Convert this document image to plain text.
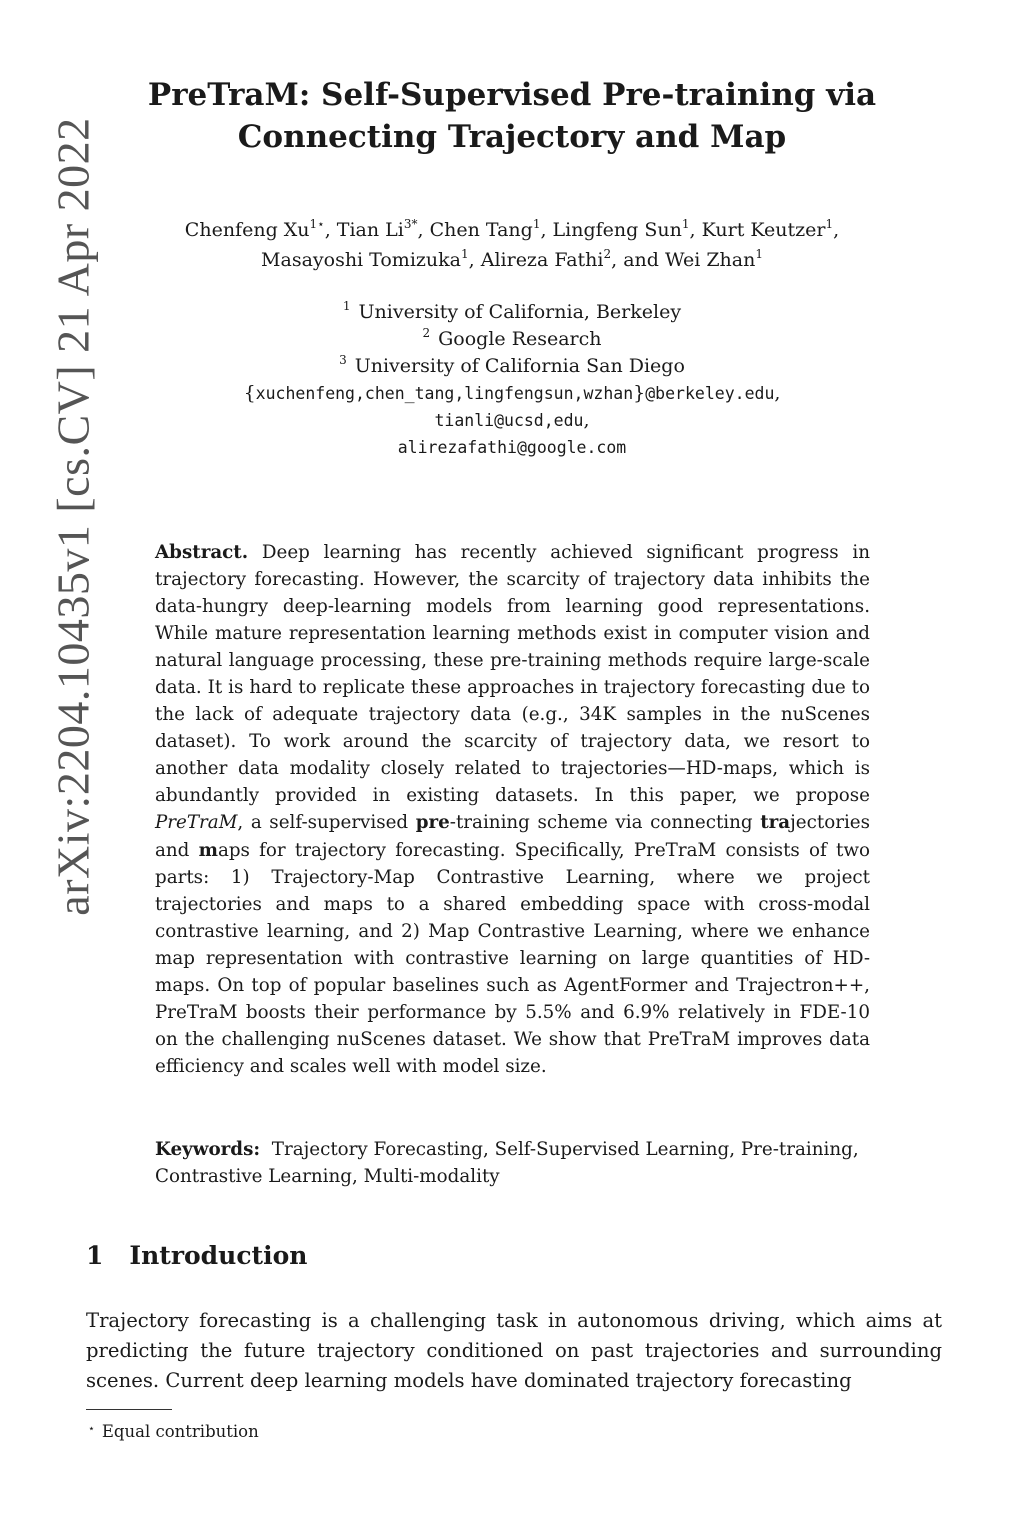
arXiv:2204.10435v1 [cs.CV] 21 Apr 2022
PreTraM: Self-Supervised Pre-training via
Connecting Trajectory and Map
Chenfeng $Xu^{1⋆}$, Tian $Li^{3*}$, Chen Tang$^1$, Lingfeng Sun$^1$, Kurt Keutzer$^1$,
Masayoshi Tomizuka$^1$, Alireza Fathi$^2$, and Wei Zhan$^1$
$^1$ University of California, Berkeley
$^2$ Google Research
$^3$ University of California San Diego
{xuchenfeng,chen_tang,lingfengsun,wzhan}@berkeley.edu,
tianli@ucsd,edu,
alirezafathi@google.com

Abstract. Deep learning has recently achieved significant progress in trajectory forecasting. However, the scarcity of trajectory data inhibits the data-hungry deep-learning models from learning good representations. While mature representation learning methods exist in computer vision and natural language processing, these pre-training methods require large-scale data. It is hard to replicate these approaches in trajectory forecasting due to the lack of adequate trajectory data (e.g., 34K samples in the nuScenes dataset). To work around the scarcity of trajectory data, we resort to another data modality closely related to trajectories—HD-maps, which is abundantly provided in existing datasets. In this paper, we propose PreTraM, a self-supervised pre-training scheme via connecting trajectories and maps for trajectory forecasting. Specifically, PreTraM consists of two parts: 1) Trajectory-Map Contrastive Learning, where we project trajectories and maps to a shared embedding space with cross-modal contrastive learning, and 2) Map Contrastive Learning, where we enhance map representation with contrastive learning on large quantities of HD-maps. On top of popular baselines such as AgentFormer and Trajectron++, PreTraM boosts their performance by 5.5% and 6.9% relatively in FDE-10 on the challenging nuScenes dataset. We show that PreTraM improves data efficiency and scales well with model size.

Keywords: Trajectory Forecasting, Self-Supervised Learning, Pre-training, Contrastive Learning, Multi-modality

1 Introduction

Trajectory forecasting is a challenging task in autonomous driving, which aims at predicting the future trajectory conditioned on past trajectories and surrounding scenes. Current deep learning models have dominated trajectory forecasting

⋆ Equal contribution
